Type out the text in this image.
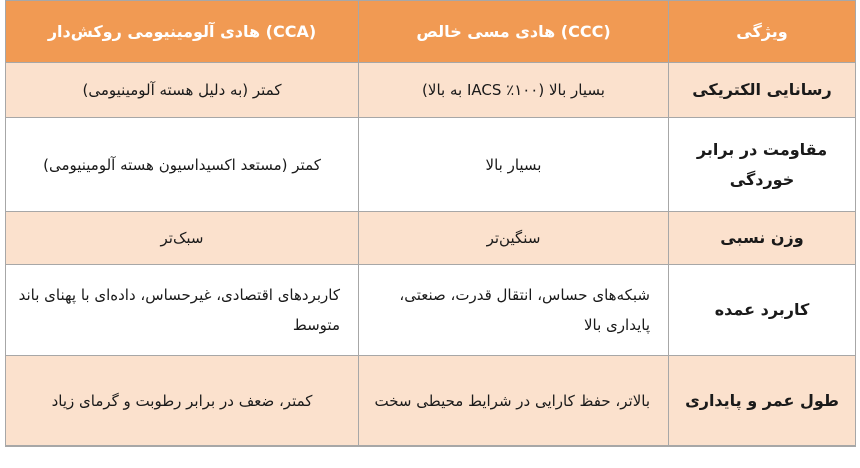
ویژگی	(CCC) هادی مسی خالص	(CCA) هادی آلومینیومی روکش‌دار
رسانایی الکتریکی	بسیار بالا (۱۰۰٪ IACS به بالا)	کمتر (به دلیل هسته آلومینیومی)
مقاومت در برابر خوردگی	بسیار بالا	کمتر (مستعد اکسیداسیون هسته آلومینیومی)
وزن نسبی	سنگین‌تر	سبک‌تر
کاربرد عمده	شبکه‌های حساس، انتقال قدرت، صنعتی، پایداری بالا	کاربردهای اقتصادی، غیرحساس، داده‌ای با پهنای باند متوسط
طول عمر و پایداری	بالاتر، حفظ کارایی در شرایط محیطی سخت	کمتر، ضعف در برابر رطوبت و گرمای زیاد
